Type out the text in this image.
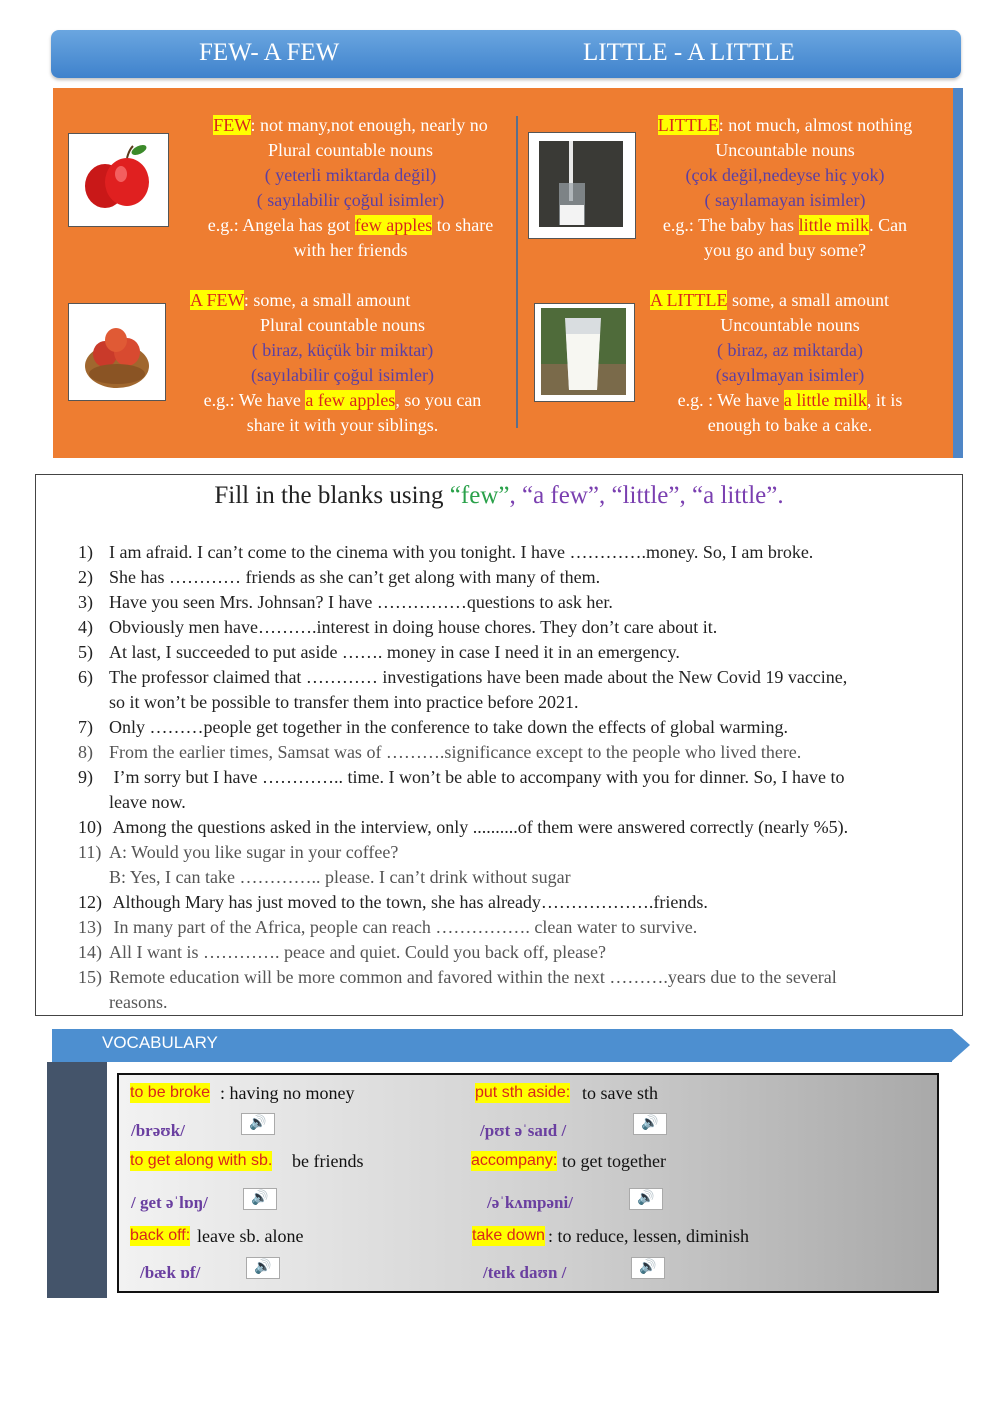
FEW- A FEW	LITTLE - A LITTLE
FEW: not many,not enough, nearly no
Plural countable nouns
( yeterli miktarda değil)
( sayılabilir çoğul isimler)
e.g.: Angela has got few apples to share
with her friends
LITTLE: not much, almost nothing
Uncountable nouns
(çok değil,nedeyse hiç yok)
( sayılamayan isimler)
e.g.: The baby has little milk. Can
you go and buy some?
A FEW: some, a small amount
Plural countable nouns
( biraz, küçük bir miktar)
(sayılabilir çoğul isimler)
e.g.: We have a few apples, so you can
share it with your siblings.
A LITTLE some, a small amount
Uncountable nouns
( biraz, az miktarda)
(sayılmayan isimler)
e.g. : We have a little milk, it is
enough to bake a cake.
Fill in the blanks using “few”, “a few”, “little”, “a little”.
1) I am afraid. I can’t come to the cinema with you tonight. I have ………….money. So, I am broke.
2) She has ………… friends as she can’t get along with many of them.
3) Have you seen Mrs. Johnsan? I have ……………questions to ask her.
4) Obviously men have……….interest in doing house chores. They don’t care about it.
5) At last, I succeeded to put aside ……. money in case I need it in an emergency.
6) The professor claimed that ………… investigations have been made about the New Covid 19 vaccine,
so it won’t be possible to transfer them into practice before 2021.
7) Only ………people get together in the conference to take down the effects of global warming.
8) From the earlier times, Samsat was of ……….significance except to the people who lived there.
9) I’m sorry but I have ………….. time. I won’t be able to accompany with you for dinner. So, I have to
leave now.
10) Among the questions asked in the interview, only ..........of them were answered correctly (nearly %5).
11) A: Would you like sugar in your coffee?
B: Yes, I can take ………….. please. I can’t drink without sugar
12) Although Mary has just moved to the town, she has already……………….friends.
13) In many part of the Africa, people can reach ……………. clean water to survive.
14) All I want is …………. peace and quiet. Could you back off, please?
15) Remote education will be more common and favored within the next ……….years due to the several
reasons.
VOCABULARY
to be broke : having no money	put sth aside: to save sth
/brəʊk/	🔊	/pʊt əˈsaɪd /	🔊
to get along with sb. be friends	accompany: to get together
/ get əˈlɒŋ/	🔊	/əˈkʌmpəni/	🔊
back off: leave sb. alone	take down : to reduce, lessen, diminish
/bæk ɒf/	🔊	/teɪk daʊn /	🔊
